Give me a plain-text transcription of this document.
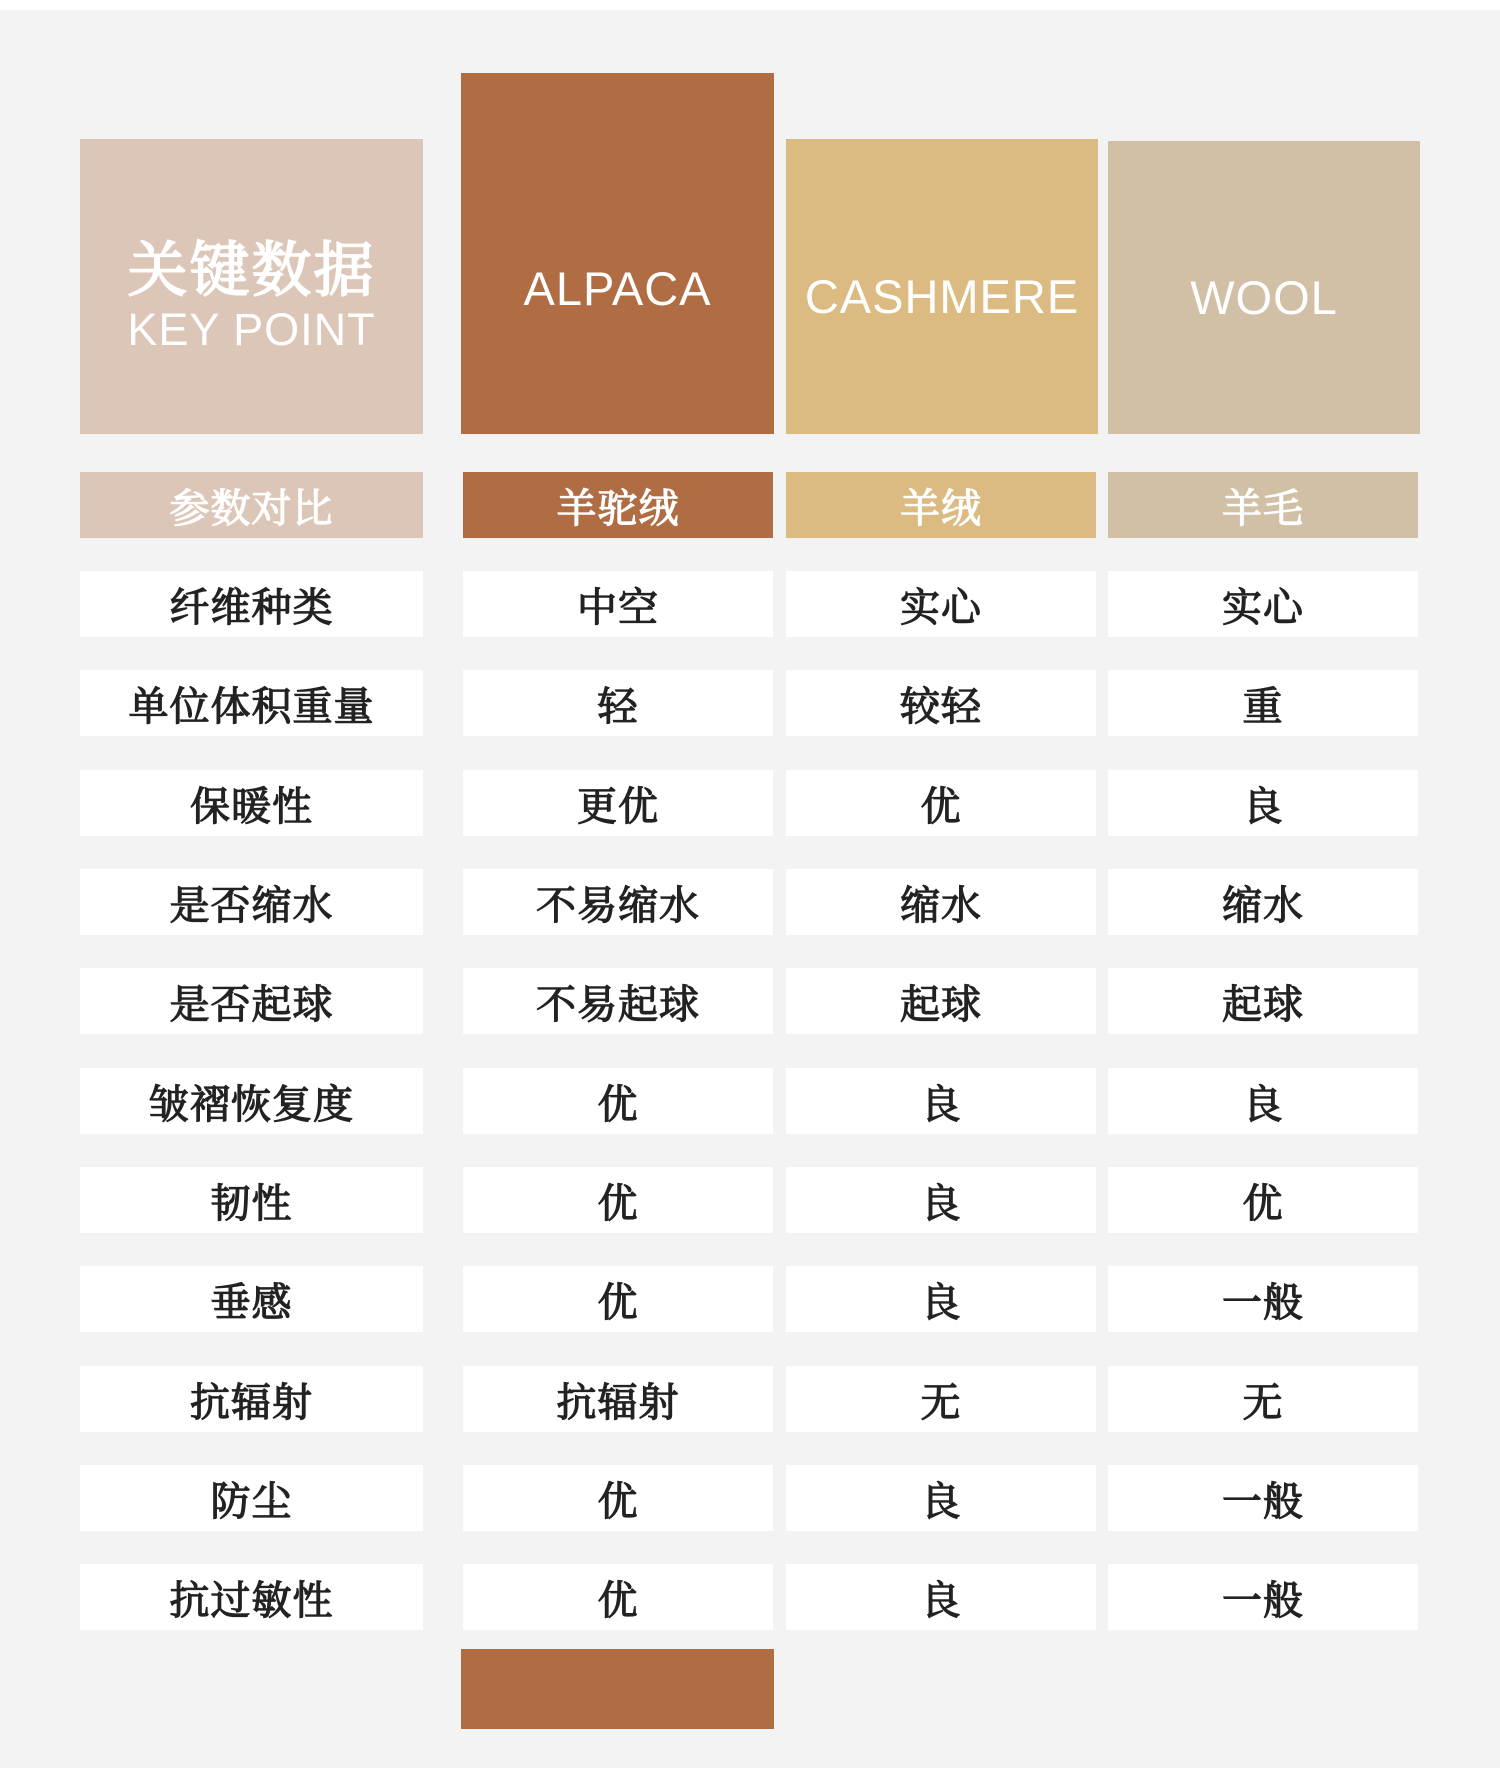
关键数据
KEY POINT
ALPACA CASHMERE WOOL
参数对比	羊驼绒	羊绒	羊毛
纤维种类	中空	实心	实心
单位体积重量	轻	较轻	重
保暖性	更优	优	良
是否缩水	不易缩水	缩水	缩水
是否起球	不易起球	起球	起球
皱褶恢复度	优	良	良
韧性	优	良	优
垂感	优	良	一般
抗辐射	抗辐射	无	无
防尘	优	良	一般
抗过敏性	优	良	一般
